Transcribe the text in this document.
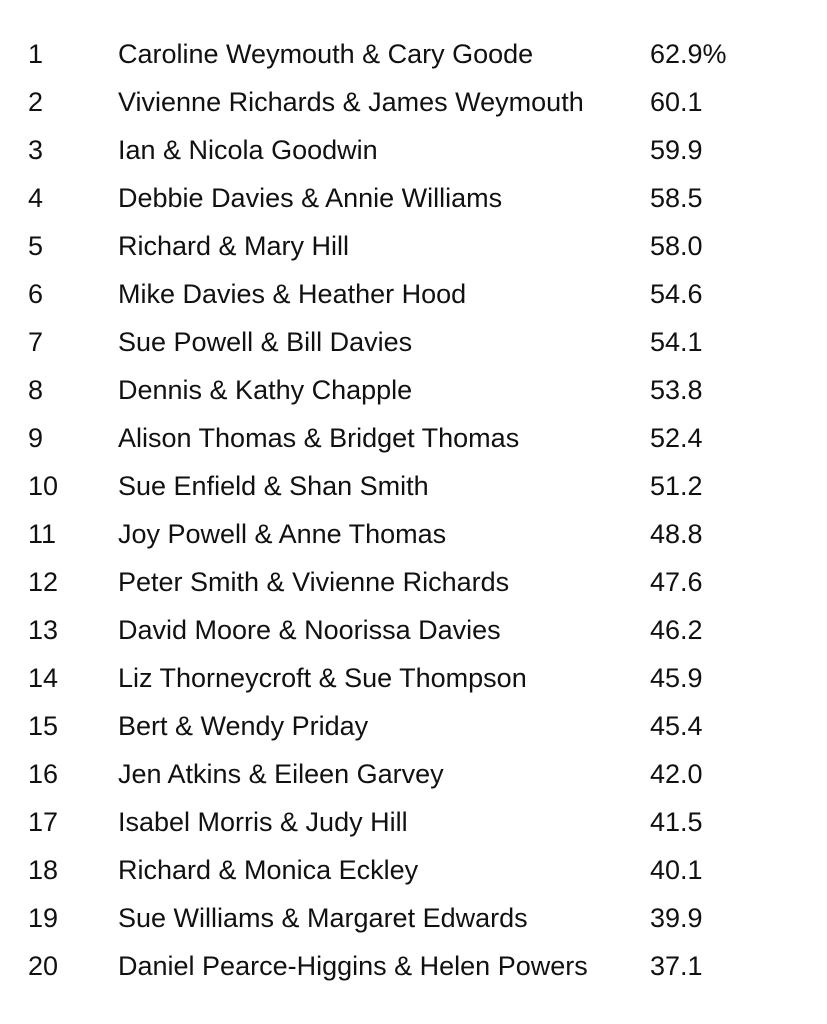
1	Caroline Weymouth & Cary Goode	62.9%
2	Vivienne Richards & James Weymouth	60.1
3	Ian & Nicola Goodwin	59.9
4	Debbie Davies & Annie Williams	58.5
5	Richard & Mary Hill	58.0
6	Mike Davies & Heather Hood	54.6
7	Sue Powell & Bill Davies	54.1
8	Dennis & Kathy Chapple	53.8
9	Alison Thomas & Bridget Thomas	52.4
10	Sue Enfield & Shan Smith	51.2
11	Joy Powell & Anne Thomas	48.8
12	Peter Smith & Vivienne Richards	47.6
13	David Moore & Noorissa Davies	46.2
14	Liz Thorneycroft & Sue Thompson	45.9
15	Bert & Wendy Priday	45.4
16	Jen Atkins & Eileen Garvey	42.0
17	Isabel Morris & Judy Hill	41.5
18	Richard & Monica Eckley	40.1
19	Sue Williams & Margaret Edwards	39.9
20	Daniel Pearce-Higgins & Helen Powers	37.1
